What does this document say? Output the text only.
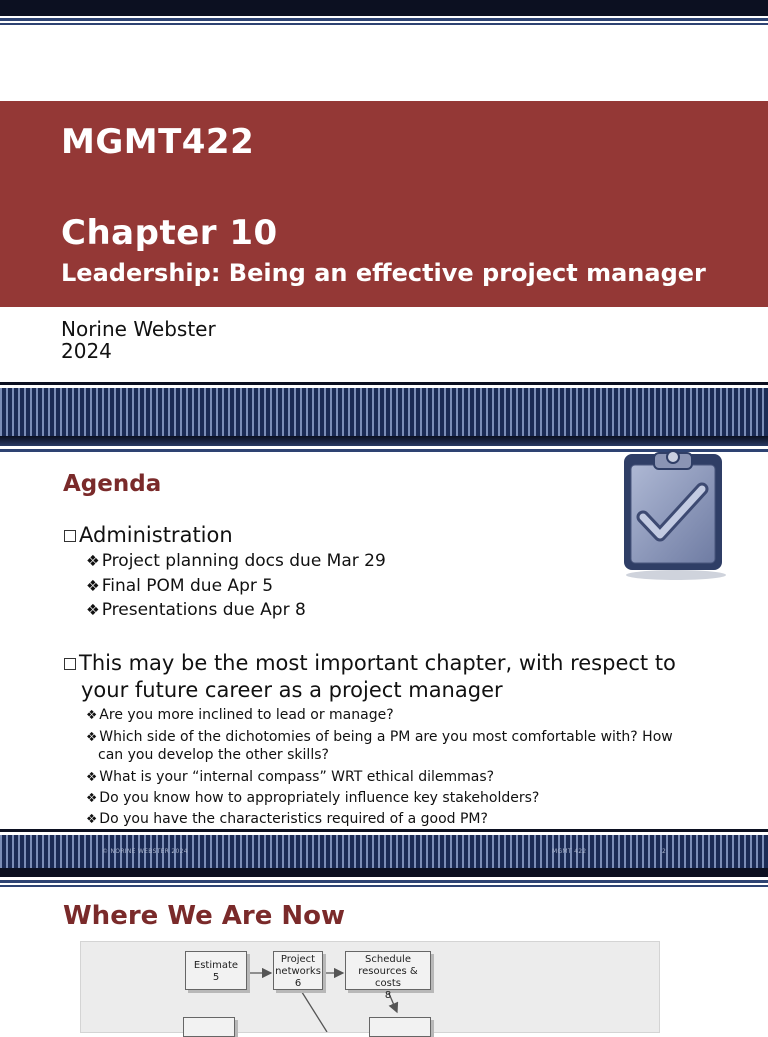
MGMT422
Chapter 10
Leadership: Being an effective project manager
Norine Webster
2024
Agenda
Administration
❖ Project planning docs due Mar 29
❖ Final POM due Apr 5
❖ Presentations due Apr 8
This may be the most important chapter, with respect to
your future career as a project manager
❖ Are you more inclined to lead or manage?
❖ Which side of the dichotomies of being a PM are you most comfortable with? How
can you develop the other skills?
❖ What is your “internal compass” WRT ethical dilemmas?
❖ Do you know how to appropriately influence key stakeholders?
❖ Do you have the characteristics required of a good PM?
© NORINE WEBSTER 2024	MGMT 422	2
Where We Are Now
Estimate
5
Project
networks
6
Schedule
resources & costs
8
